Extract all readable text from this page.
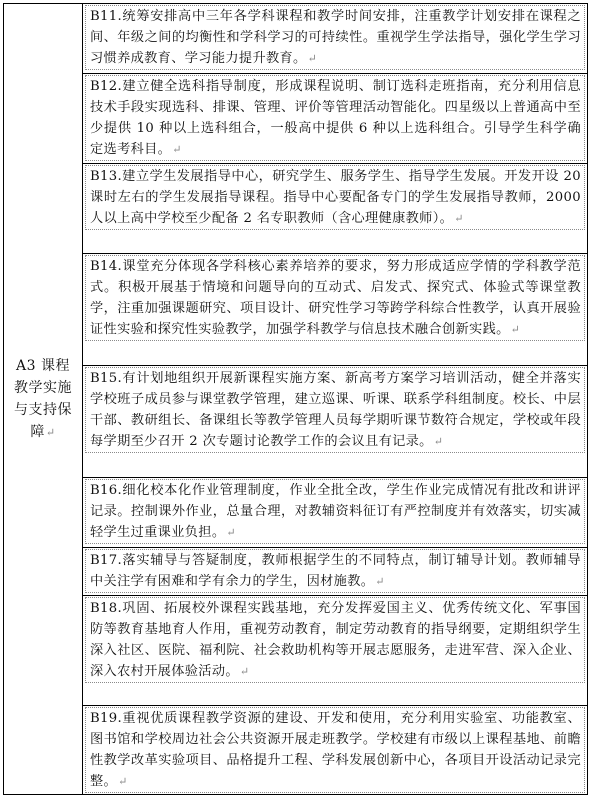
A3 课程教学实施与支持保障↵

B11.统筹安排高中三年各学科课程和教学时间安排，注重教学计划安排在课程之间、年级之间的均衡性和学科学习的可持续性。重视学生学法指导，强化学生学习习惯养成教育、学习能力提升教育。↵

B12.建立健全选科指导制度，形成课程说明、制订选科走班指南，充分利用信息技术手段实现选科、排课、管理、评价等管理活动智能化。四星级以上普通高中至少提供 10 种以上选科组合，一般高中提供 6 种以上选科组合。引导学生科学确定选考科目。↵

B13.建立学生发展指导中心，研究学生、服务学生、指导学生发展。开发开设 20 课时左右的学生发展指导课程。指导中心要配备专门的学生发展指导教师，2000 人以上高中学校至少配备 2 名专职教师（含心理健康教师）。↵

B14.课堂充分体现各学科核心素养培养的要求，努力形成适应学情的学科教学范式。积极开展基于情境和问题导向的互动式、启发式、探究式、体验式等课堂教学，注重加强课题研究、项目设计、研究性学习等跨学科综合性教学，认真开展验证性实验和探究性实验教学，加强学科教学与信息技术融合创新实践。↵

B15.有计划地组织开展新课程实施方案、新高考方案学习培训活动，健全并落实学校班子成员参与课堂教学管理，建立巡课、听课、联系学科组制度。校长、中层干部、教研组长、备课组长等教学管理人员每学期听课节数符合规定，学校或年段每学期至少召开 2 次专题讨论教学工作的会议且有记录。↵

B16.细化校本化作业管理制度，作业全批全改，学生作业完成情况有批改和讲评记录。控制课外作业，总量合理，对教辅资料征订有严控制度并有效落实，切实减轻学生过重课业负担。↵

B17.落实辅导与答疑制度，教师根据学生的不同特点，制订辅导计划。教师辅导中关注学有困难和学有余力的学生，因材施教。↵

B18.巩固、拓展校外课程实践基地，充分发挥爱国主义、优秀传统文化、军事国防等教育基地育人作用，重视劳动教育，制定劳动教育的指导纲要，定期组织学生深入社区、医院、福利院、社会救助机构等开展志愿服务，走进军营、深入企业、深入农村开展体验活动。↵

B19.重视优质课程教学资源的建设、开发和使用，充分利用实验室、功能教室、图书馆和学校周边社会公共资源开展走班教学。学校建有市级以上课程基地、前瞻性教学改革实验项目、品格提升工程、学科发展创新中心，各项目开设活动记录完整。↵
